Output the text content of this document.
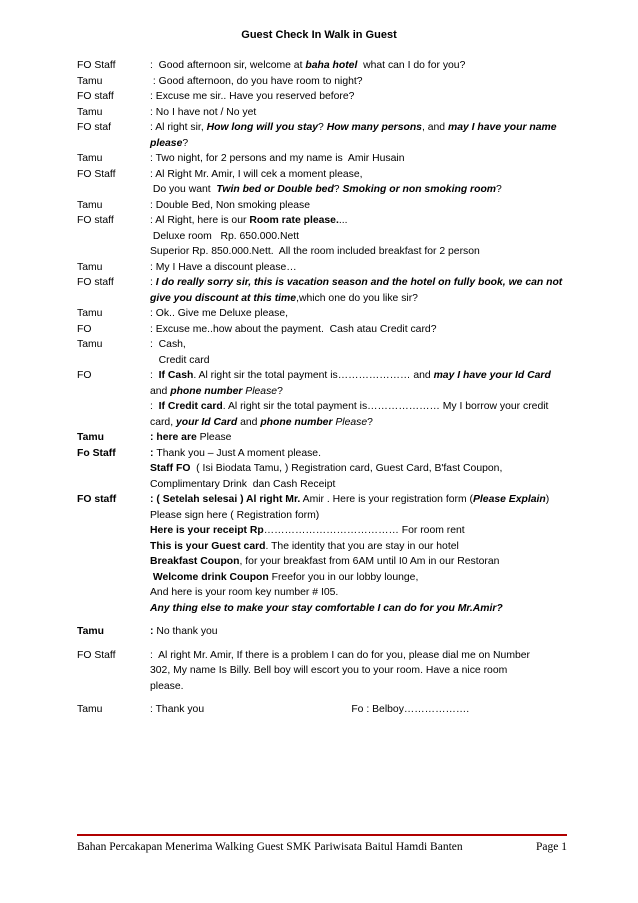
Guest Check In Walk in Guest
FO Staff	:  Good afternoon sir, welcome at baha hotel  what can I do for you?
Tamu	: Good afternoon, do you have room to night?
FO staff	: Excuse me sir.. Have you reserved before?
Tamu	: No I have not / No yet
FO staf	: Al right sir, How long will you stay? How many persons, and may I have your name
please?
Tamu	: Two night, for 2 persons and my name is  Amir Husain
FO Staff	: Al Right Mr. Amir, I will cek a moment please,
Do you want  Twin bed or Double bed? Smoking or non smoking room?
Tamu	: Double Bed, Non smoking please
FO staff	: Al Right, here is our Room rate please....
Deluxe room   Rp. 650.000.Nett
Superior Rp. 850.000.Nett.  All the room included breakfast for 2 person
Tamu	: My I Have a discount please…
FO staff	: I do really sorry sir, this is vacation season and the hotel on fully book, we can not
give you discount at this time,which one do you like sir?
Tamu	: Ok.. Give me Deluxe please,
FO	: Excuse me..how about the payment.  Cash atau Credit card?
Tamu	:  Cash,
Credit card
FO	:  If Cash. Al right sir the total payment is………………… and may I have your Id Card
and phone number Please?
:  If Credit card. Al right sir the total payment is………………… My I borrow your credit
card, your Id Card and phone number Please?
Tamu	: here are Please
Fo Staff	: Thank you – Just A moment please.
Staff FO  ( Isi Biodata Tamu, ) Registration card, Guest Card, B'fast Coupon,
Complimentary Drink  dan Cash Receipt
FO staff	: ( Setelah selesai ) Al right Mr. Amir . Here is your registration form (Please Explain)
Please sign here ( Registration form)
Here is your receipt Rp………………………………… For room rent
This is your Guest card. The identity that you are stay in our hotel
Breakfast Coupon, for your breakfast from 6AM until I0 Am in our Restoran
Welcome drink Coupon Freefor you in our lobby lounge,
And here is your room key number # I05.
Any thing else to make your stay comfortable I can do for you Mr.Amir?
Tamu	: No thank you
FO Staff	:  Al right Mr. Amir, If there is a problem I can do for you, please dial me on Number
302, My name Is Billy. Bell boy will escort you to your room. Have a nice room
please.
Tamu	: Thank you                                                   Fo : Belboy……………….
Bahan Percakapan Menerima Walking Guest SMK Pariwisata Baitul Hamdi Banten	Page 1
